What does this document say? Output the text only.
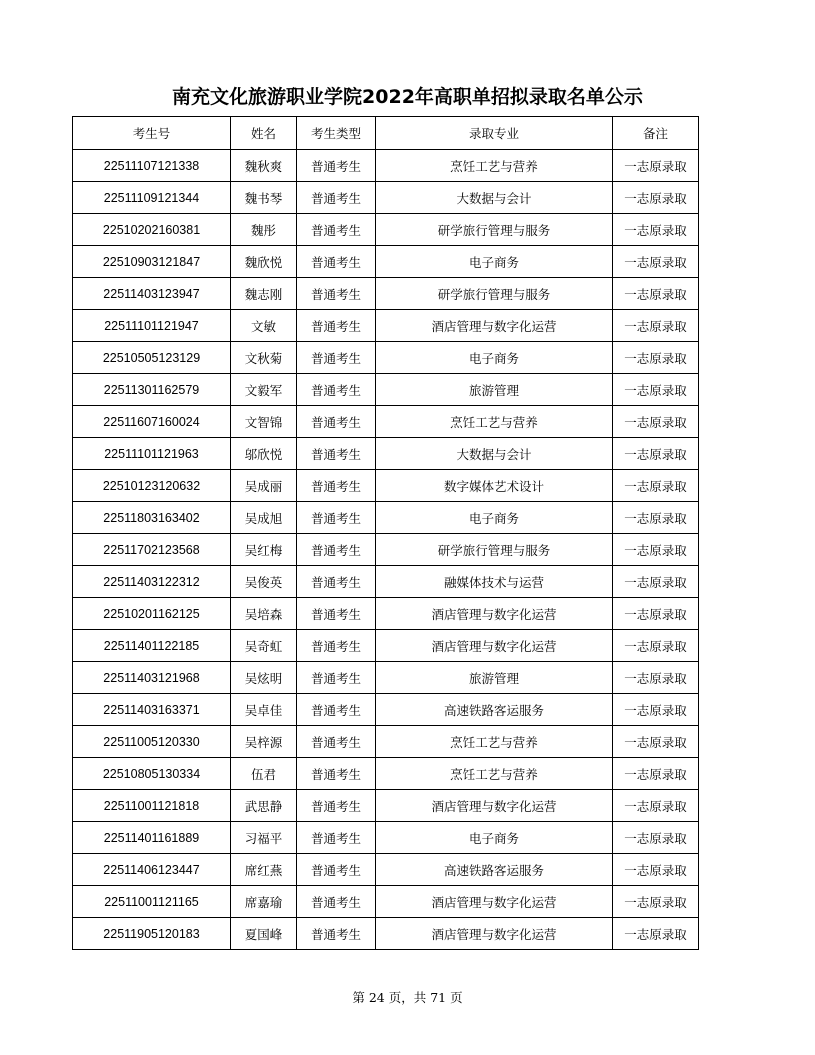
南充文化旅游职业学院2022年高职单招拟录取名单公示
考生号	姓名	考生类型	录取专业	备注
22511107121338	魏秋爽	普通考生	烹饪工艺与营养	一志原录取
22511109121344	魏书琴	普通考生	大数据与会计	一志原录取
22510202160381	魏彤	普通考生	研学旅行管理与服务	一志原录取
22510903121847	魏欣悦	普通考生	电子商务	一志原录取
22511403123947	魏志刚	普通考生	研学旅行管理与服务	一志原录取
22511101121947	文敏	普通考生	酒店管理与数字化运营	一志原录取
22510505123129	文秋菊	普通考生	电子商务	一志原录取
22511301162579	文毅军	普通考生	旅游管理	一志原录取
22511607160024	文智锦	普通考生	烹饪工艺与营养	一志原录取
22511101121963	邬欣悦	普通考生	大数据与会计	一志原录取
22510123120632	吴成丽	普通考生	数字媒体艺术设计	一志原录取
22511803163402	吴成旭	普通考生	电子商务	一志原录取
22511702123568	吴红梅	普通考生	研学旅行管理与服务	一志原录取
22511403122312	吴俊英	普通考生	融媒体技术与运营	一志原录取
22510201162125	吴培森	普通考生	酒店管理与数字化运营	一志原录取
22511401122185	吴奇虹	普通考生	酒店管理与数字化运营	一志原录取
22511403121968	吴炫明	普通考生	旅游管理	一志原录取
22511403163371	吴卓佳	普通考生	高速铁路客运服务	一志原录取
22511005120330	吴梓源	普通考生	烹饪工艺与营养	一志原录取
22510805130334	伍君	普通考生	烹饪工艺与营养	一志原录取
22511001121818	武思静	普通考生	酒店管理与数字化运营	一志原录取
22511401161889	习福平	普通考生	电子商务	一志原录取
22511406123447	席红燕	普通考生	高速铁路客运服务	一志原录取
22511001121165	席嘉瑜	普通考生	酒店管理与数字化运营	一志原录取
22511905120183	夏国峰	普通考生	酒店管理与数字化运营	一志原录取
第 24 页，共 71 页
